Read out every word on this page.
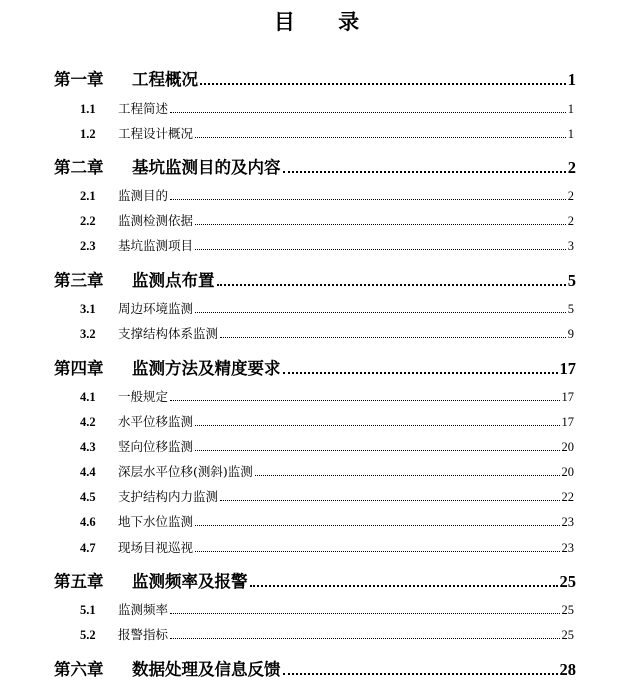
目 录
第一章	工程概况	1
1.1	工程简述	1
1.2	工程设计概况	1
第二章	基坑监测目的及内容	2
2.1	监测目的	2
2.2	监测检测依据	2
2.3	基坑监测项目	3
第三章	监测点布置	5
3.1	周边环境监测	5
3.2	支撑结构体系监测	9
第四章	监测方法及精度要求	17
4.1	一般规定	17
4.2	水平位移监测	17
4.3	竖向位移监测	20
4.4	深层水平位移(测斜)监测	20
4.5	支护结构内力监测	22
4.6	地下水位监测	23
4.7	现场目视巡视	23
第五章	监测频率及报警	25
5.1	监测频率	25
5.2	报警指标	25
第六章	数据处理及信息反馈	28
